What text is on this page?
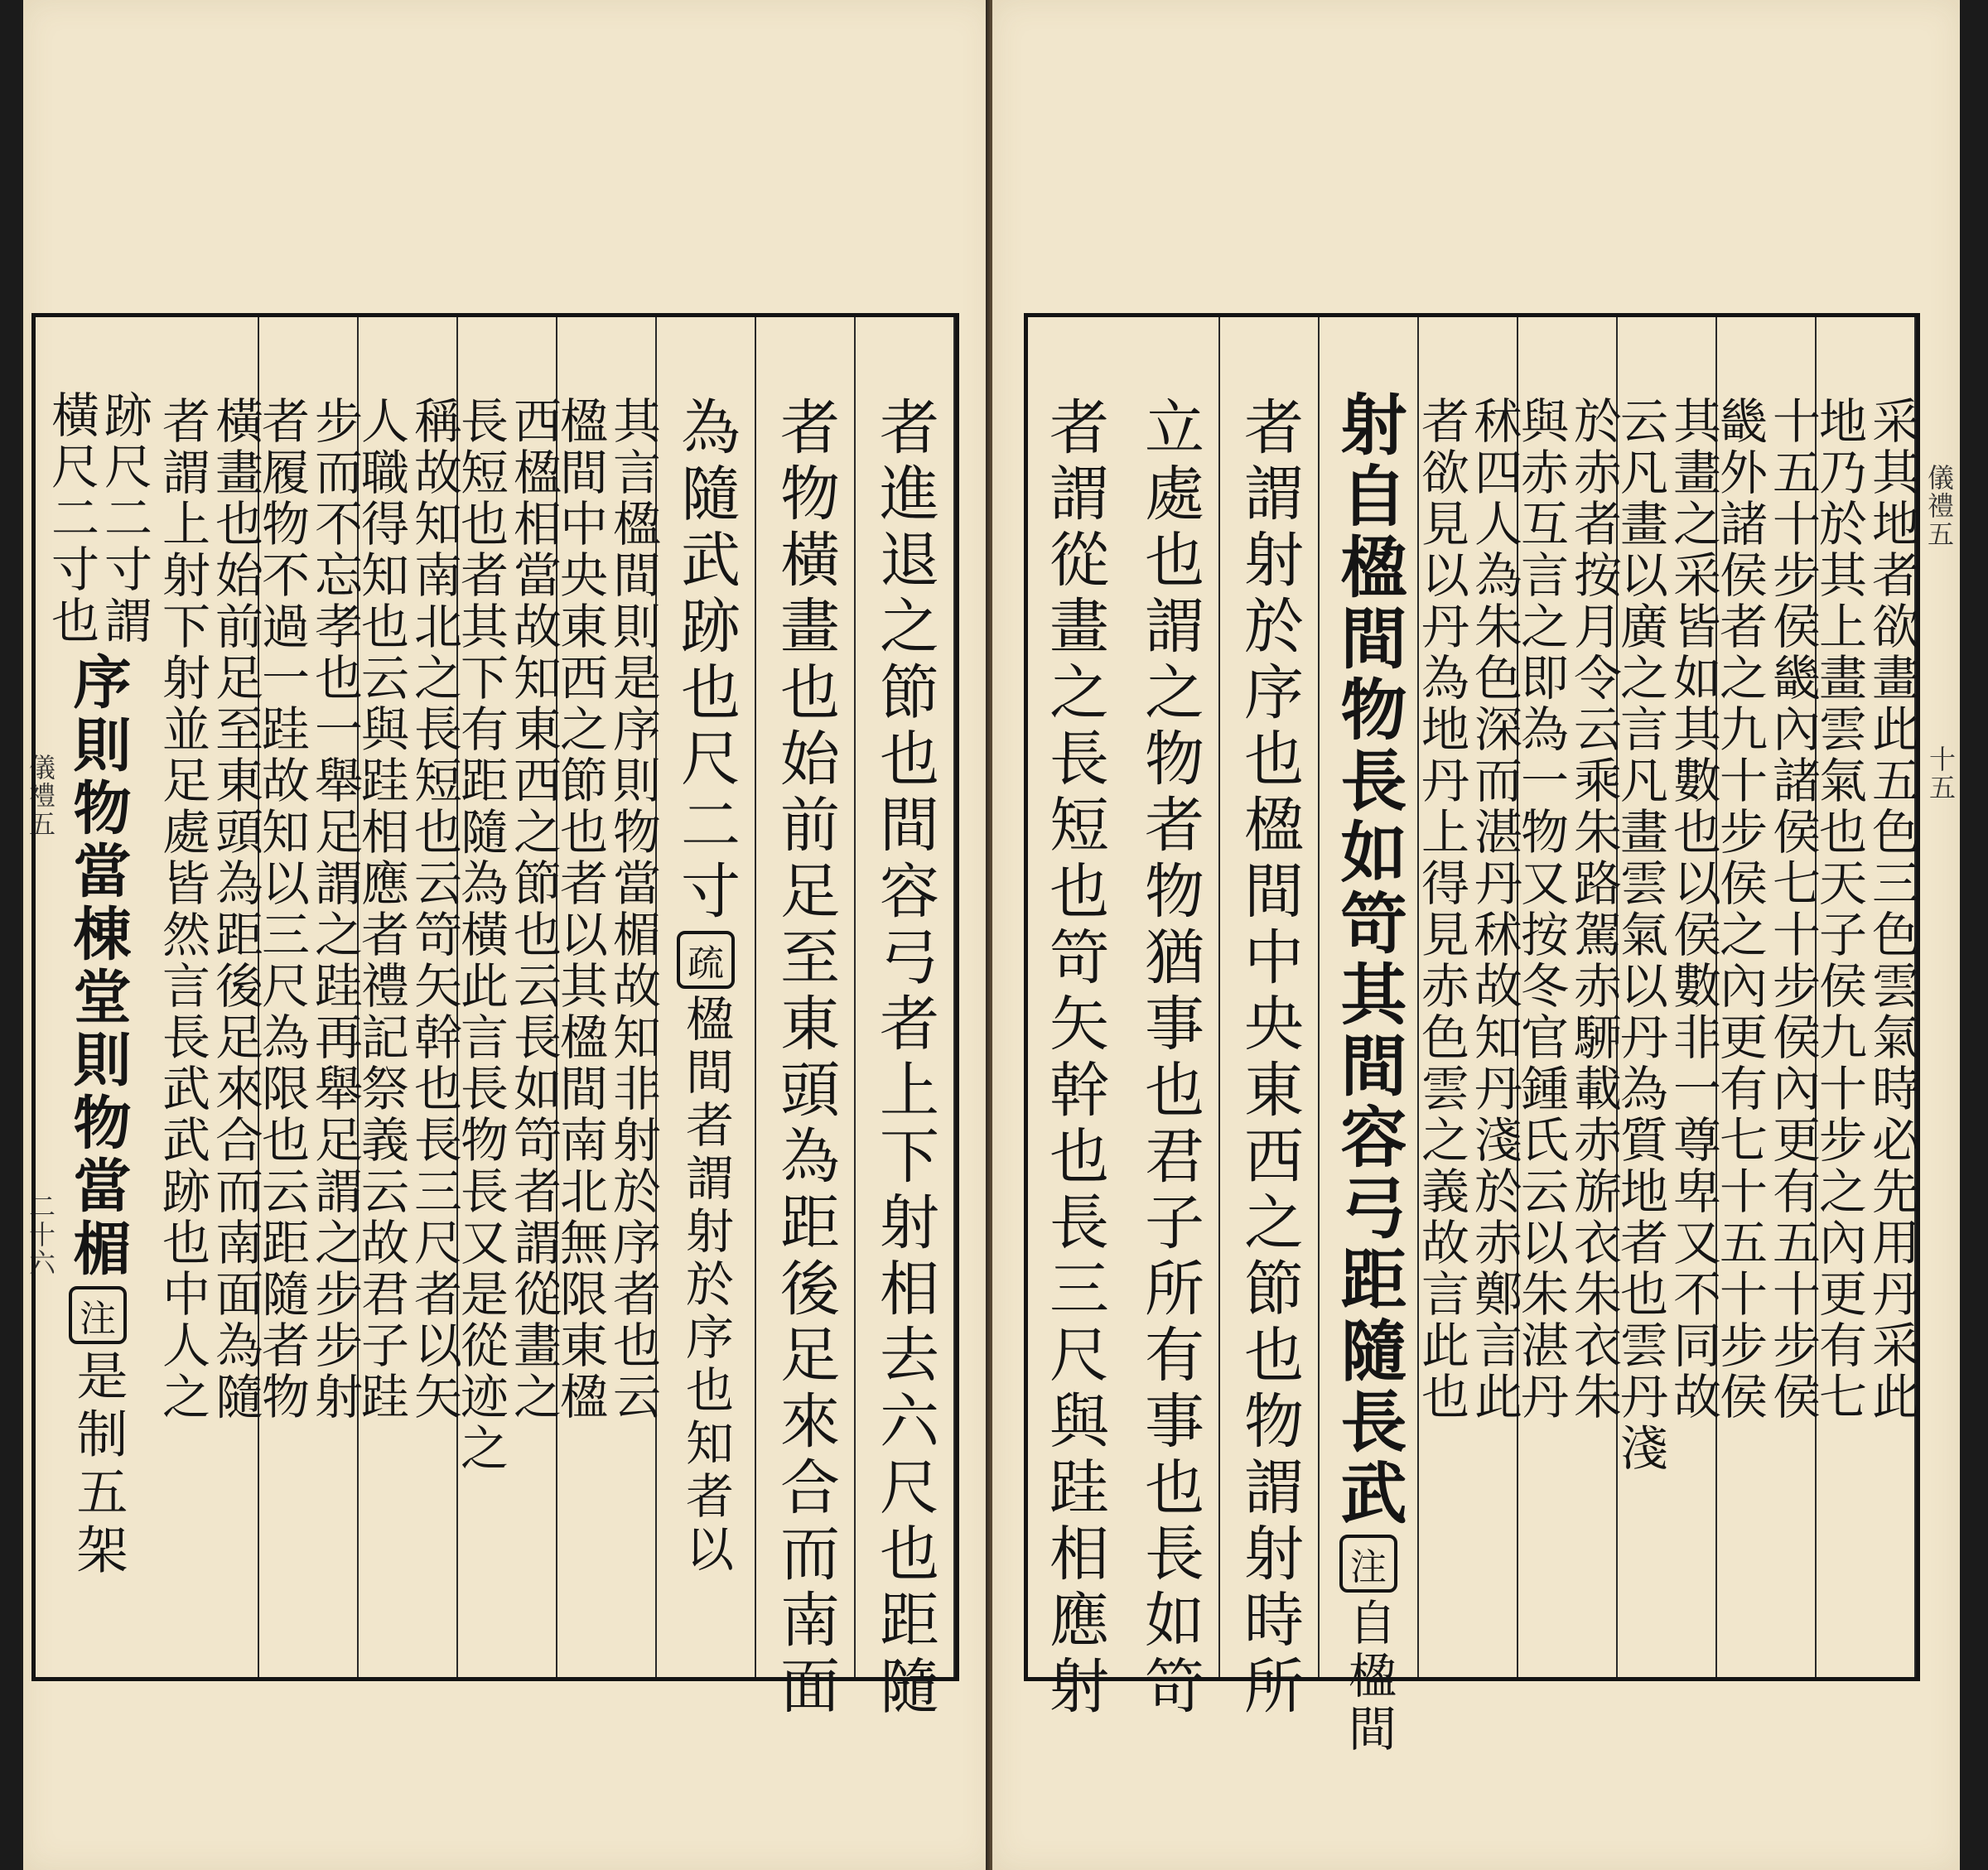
儀禮五
二十六	者進退之節也間容弓者上下射相去六尺也距隨
者物橫畫也始前足至東頭為距後足來合而南面
為隨武跡也尺二寸
疏
楹間者謂射於序也知者以
其言楹間則是序則物當楣故知非射於序者也云
楹間中央東西之節也者以其楹間南北無限東楹
西楹相當故知東西之節也云長如笴者謂從畫之
長短也者其下有距隨為橫此言長物長又是從迹之
稱故知南北之長短也云笴矢幹也長三尺者以矢
人職得知也云與跬相應者禮記祭義云故君子跬
步而不忘孝也一舉足謂之跬再舉足謂之步步射
者履物不過一跬故知以三尺為限也云距隨者物
橫畫也始前足至東頭為距後足來合而南面為隨
者謂上射下射並足處皆然言長武武跡也中人之
跡尺二寸謂
橫尺二寸也
序則物當棟堂則物當楣
注
是制五架
儀禮五
十五
采其地者欲畫此五色三色雲氣時必先用丹采此
地乃於其上畫雲氣也天子侯九十步之內更有七
十五十步侯畿內諸侯七十步侯內更有五十步侯
畿外諸侯者之九十步侯之內更有七十五十步侯
其畫之采皆如其數也以侯數非一尊卑又不同故
云凡畫以廣之言凡畫雲氣以丹為質地者也雲丹淺
於赤者按月令云乘朱路駕赤駵載赤旂衣朱衣朱
與赤互言之即為一物又按冬官鍾氏云以朱湛丹
秫四人為朱色深而湛丹秫故知丹淺於赤鄭言此
者欲見以丹為地丹上得見赤色雲之義故言此也
射自楹間物長如笴其間容弓距隨長武
注
自楹間
者謂射於序也楹間中央東西之節也物謂射時所
立處也謂之物者物猶事也君子所有事也長如笴
者謂從畫之長短也笴矢幹也長三尺與跬相應射
